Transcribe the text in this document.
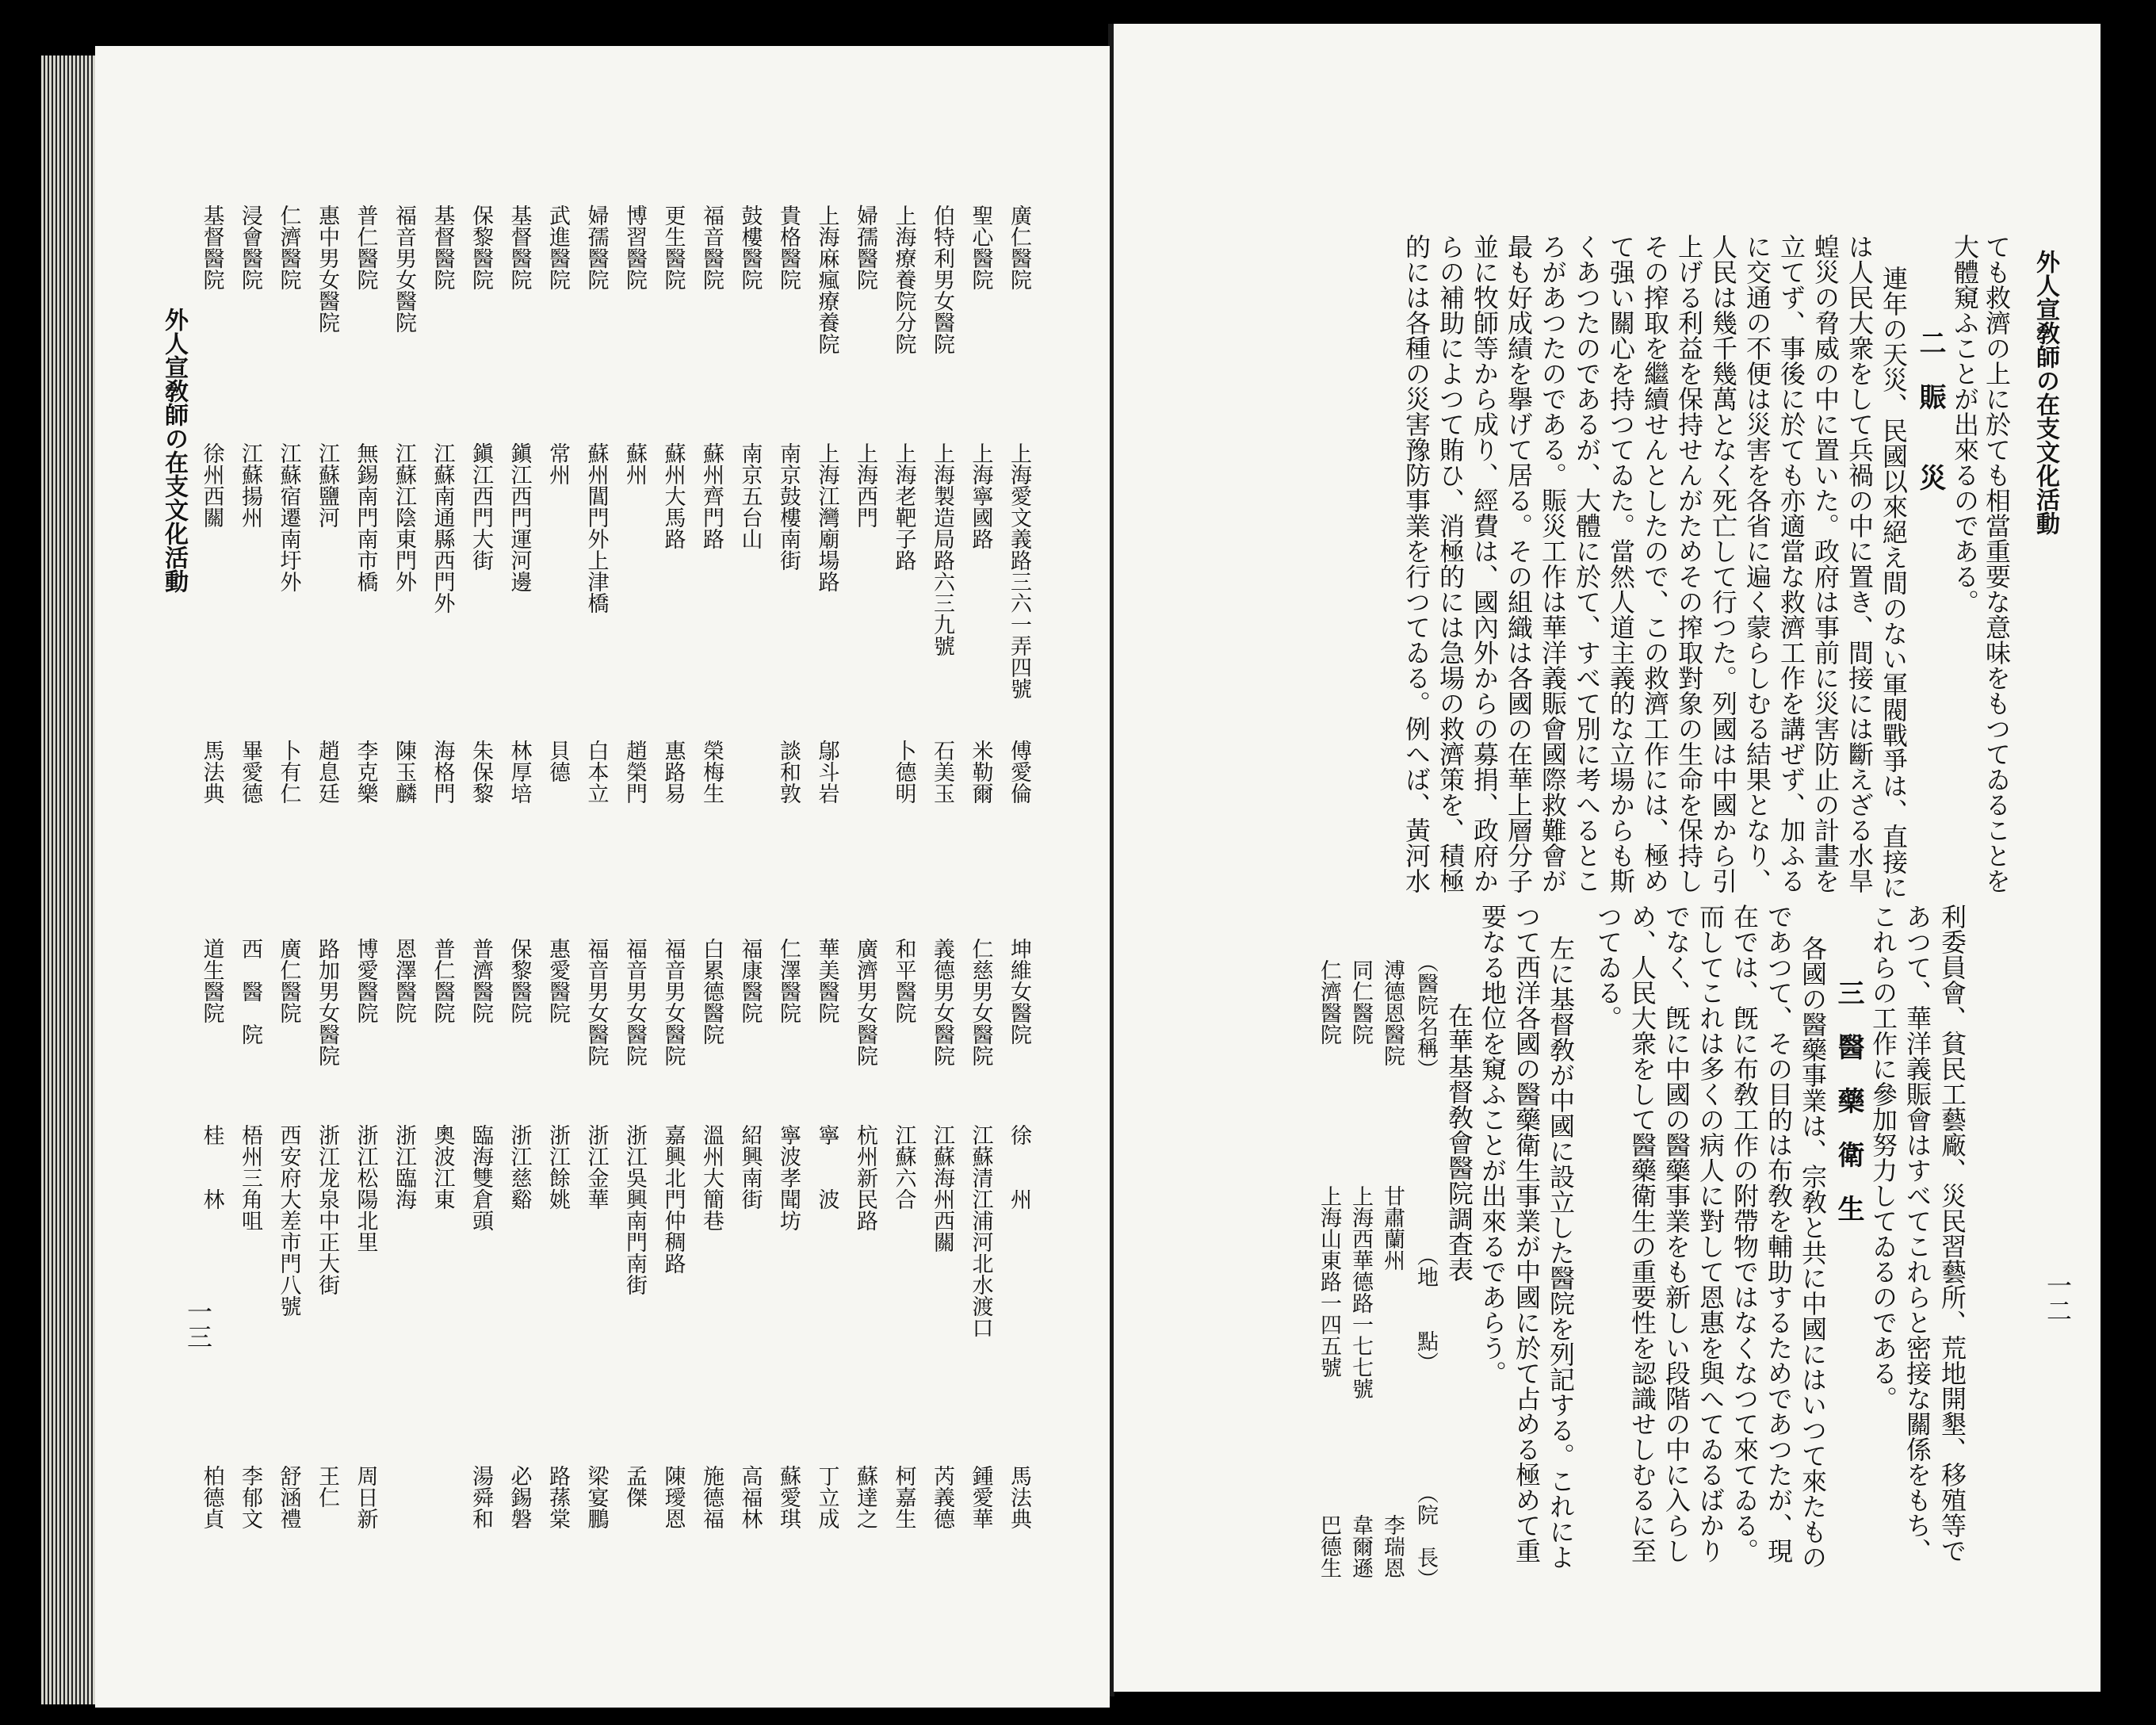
外人宣敎師の在支文化活動
一二
ても救濟の上に於ても相當重要な意味をもつてゐることを
大體窺ふことが出來るのである。
二　賑　　災
連年の天災、民國以來絕え間のない軍閥戰爭は、直接に
は人民大衆をして兵禍の中に置き、間接には斷えざる水旱
蝗災の脅威の中に置いた。政府は事前に災害防止の計畫を
立てず、事後に於ても亦適當な救濟工作を講ぜず、加ふる
に交通の不便は災害を各省に遍く蒙らしむる結果となり、
人民は幾千幾萬となく死亡して行つた。列國は中國から引
上げる利益を保持せんがためその搾取對象の生命を保持し
その搾取を繼續せんとしたので、この救濟工作には、極め
て强い關心を持つてゐた。當然人道主義的な立場からも斯
くあつたのであるが、大體に於て、すべて別に考へるとこ
ろがあつたのである。賑災工作は華洋義賑會國際救難會が
最も好成績を擧げて居る。その組織は各國の在華上層分子
並に牧師等から成り、經費は、國內外からの募捐、政府か
らの補助によつて賄ひ、消極的には急場の救濟策を、積極
的には各種の災害豫防事業を行つてゐる。例へば、黃河水
利委員會、貧民工藝廠、災民習藝所、荒地開墾、移殖等で
あつて、華洋義賑會はすべてこれらと密接な關係をもち、
これらの工作に參加努力してゐるのである。
三　醫　藥　衛　生
各國の醫藥事業は、宗敎と共に中國にはいつて來たもの
であつて、その目的は布敎を輔助するためであつたが、現
在では、旣に布敎工作の附帶物ではなくなつて來てゐる。
而してこれは多くの病人に對して恩惠を與へてゐるばかり
でなく、旣に中國の醫藥事業をも新しい段階の中に入らし
め、人民大衆をして醫藥衛生の重要性を認識せしむるに至
つてゐる。
左に基督敎が中國に設立した醫院を列記する。これによ
つて西洋各國の醫藥衛生事業が中國に於て占める極めて重
要なる地位を窺ふことが出來るであらう。
在華基督敎會醫院調査表
（醫院名稱）
（地　　點）
（院　長）
溥德恩醫院
甘肅蘭州
李瑞恩
同仁醫院
上海西華德路一七七號
韋爾遜
仁濟醫院
上海山東路一四五號
巴德生
外人宣敎師の在支文化活動
一三
廣仁醫院
上海愛文義路三六一弄四號
傅愛倫
聖心醫院
上海寧國路
米勒爾
伯特利男女醫院
上海製造局路六三九號
石美玉
上海療養院分院
上海老靶子路
卜德明
婦孺醫院
上海西門
上海麻瘋療養院
上海江灣廟場路
鄔斗岩
貴格醫院
南京鼓樓南街
談和敦
鼓樓醫院
南京五台山
福音醫院
蘇州齊門路
榮梅生
更生醫院
蘇州大馬路
惠路易
博習醫院
蘇州
趙榮門
婦孺醫院
蘇州閶門外上津橋
白本立
武進醫院
常州
貝德
基督醫院
鎭江西門運河邊
林厚培
保黎醫院
鎭江西門大街
朱保黎
基督醫院
江蘇南通縣西門外
海格門
福音男女醫院
江蘇江陰東門外
陳玉麟
普仁醫院
無錫南門南市橋
李克樂
惠中男女醫院
江蘇鹽河
趙息廷
仁濟醫院
江蘇宿遷南圩外
卜有仁
浸會醫院
江蘇揚州
畢愛德
基督醫院
徐州西關
馬法典
坤維女醫院
徐　　州
馬法典
仁慈男女醫院
江蘇清江浦河北水渡口
鍾愛華
義德男女醫院
江蘇海州西關
芮義德
和平醫院
江蘇六合
柯嘉生
廣濟男女醫院
杭州新民路
蘇達之
華美醫院
寧　　波
丁立成
仁澤醫院
寧波孝聞坊
蘇愛琪
福康醫院
紹興南街
高福林
白累德醫院
溫州大簡巷
施德福
福音男女醫院
嘉興北門仲稠路
陳璦恩
福音男女醫院
浙江吳興南門南街
孟傑
福音男女醫院
浙江金華
梁宴鵬
惠愛醫院
浙江餘姚
路蓀棠
保黎醫院
浙江慈谿
必錫磐
普濟醫院
臨海雙倉頭
湯舜和
普仁醫院
奧波江東
恩澤醫院
浙江臨海
博愛醫院
浙江松陽北里
周日新
路加男女醫院
浙江龙泉中正大街
王仁
廣仁醫院
西安府大差市門八號
舒涵禮
西　醫　院
梧州三角咀
李郁文
道生醫院
桂　　林
柏德貞
